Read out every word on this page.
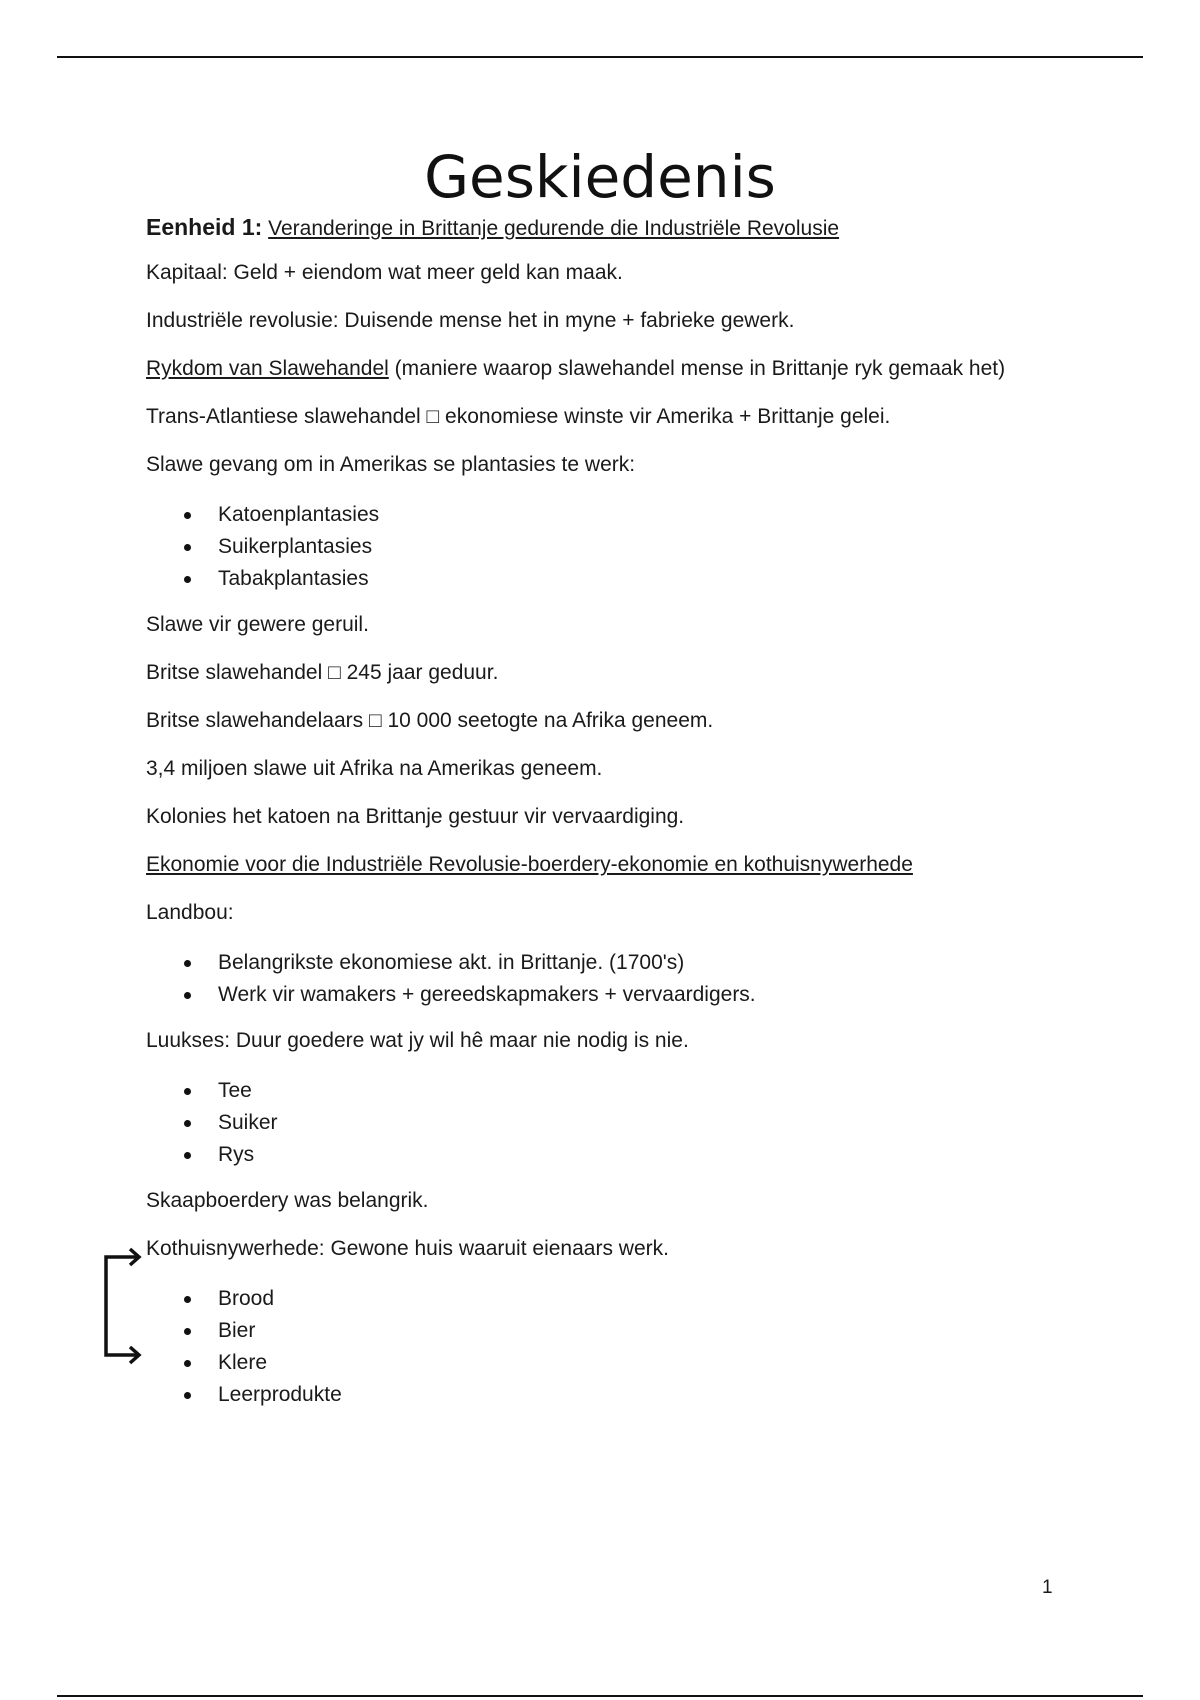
Geskiedenis

Eenheid 1: Veranderinge in Brittanje gedurende die Industriële Revolusie

Kapitaal: Geld + eiendom wat meer geld kan maak.

Industriële revolusie: Duisende mense het in myne + fabrieke gewerk.

Rykdom van Slawehandel (maniere waarop slawehandel mense in Brittanje ryk gemaak het)

Trans-Atlantiese slawehandel □ ekonomiese winste vir Amerika + Brittanje gelei.

Slawe gevang om in Amerikas se plantasies te werk:

Katoenplantasies
Suikerplantasies
Tabakplantasies

Slawe vir gewere geruil.

Britse slawehandel □ 245 jaar geduur.

Britse slawehandelaars □ 10 000 seetogte na Afrika geneem.

3,4 miljoen slawe uit Afrika na Amerikas geneem.

Kolonies het katoen na Brittanje gestuur vir vervaardiging.

Ekonomie voor die Industriële Revolusie-boerdery-ekonomie en kothuisnywerhede

Landbou:

Belangrikste ekonomiese akt. in Brittanje. (1700's)
Werk vir wamakers + gereedskapmakers + vervaardigers.

Luukses: Duur goedere wat jy wil hê maar nie nodig is nie.

Tee
Suiker
Rys

Skaapboerdery was belangrik.

Kothuisnywerhede: Gewone huis waaruit eienaars werk.

Brood
Bier
Klere
Leerprodukte
1
